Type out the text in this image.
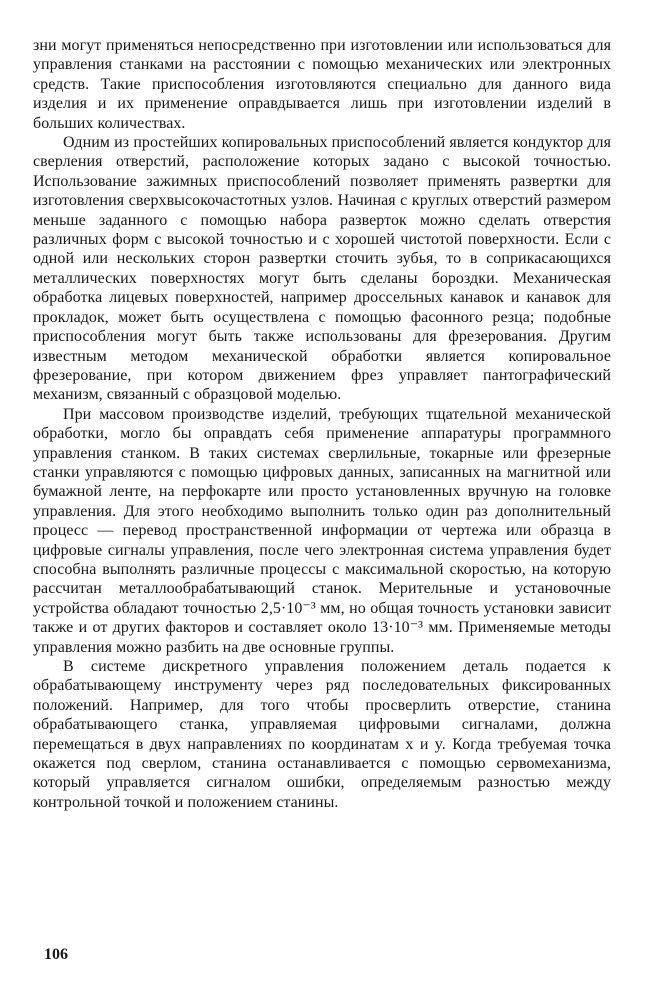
зни могут применяться непосредственно при изготовлении или использоваться для управления станками на расстоянии с помощью механических или электронных средств. Такие приспособления изготовляются специально для данного вида изделия и их применение оправдывается лишь при изготовлении изделий в больших количествах.

Одним из простейших копировальных приспособлений является кондуктор для сверления отверстий, расположение которых задано с высокой точностью. Использование зажимных приспособлений позволяет применять развертки для изготовления сверхвысокочастотных узлов. Начиная с круглых отверстий размером меньше заданного с помощью набора разверток можно сделать отверстия различных форм с высокой точностью и с хорошей чистотой поверхности. Если с одной или нескольких сторон развертки сточить зубья, то в соприкасающихся металлических поверхностях могут быть сделаны бороздки. Механическая обработка лицевых поверхностей, например дроссельных канавок и канавок для прокладок, может быть осуществлена с помощью фасонного резца; подобные приспособления могут быть также использованы для фрезерования. Другим известным методом механической обработки является копировальное фрезерование, при котором движением фрез управляет пантографический механизм, связанный с образцовой моделью.

При массовом производстве изделий, требующих тщательной механической обработки, могло бы оправдать себя применение аппаратуры программного управления станком. В таких системах сверлильные, токарные или фрезерные станки управляются с помощью цифровых данных, записанных на магнитной или бумажной ленте, на перфокарте или просто установленных вручную на головке управления. Для этого необходимо выполнить только один раз дополнительный процесс — перевод пространственной информации от чертежа или образца в цифровые сигналы управления, после чего электронная система управления будет способна выполнять различные процессы с максимальной скоростью, на которую рассчитан металлообрабатывающий станок. Мерительные и установочные устройства обладают точностью 2,5·10⁻³ мм, но общая точность установки зависит также и от других факторов и составляет около 13·10⁻³ мм. Применяемые методы управления можно разбить на две основные группы.

В системе дискретного управления положением деталь подается к обрабатывающему инструменту через ряд последовательных фиксированных положений. Например, для того чтобы просверлить отверстие, станина обрабатывающего станка, управляемая цифровыми сигналами, должна перемещаться в двух направлениях по координатам x и y. Когда требуемая точка окажется под сверлом, станина останавливается с помощью сервомеханизма, который управляется сигналом ошибки, определяемым разностью между контрольной точкой и положением станины.

106
